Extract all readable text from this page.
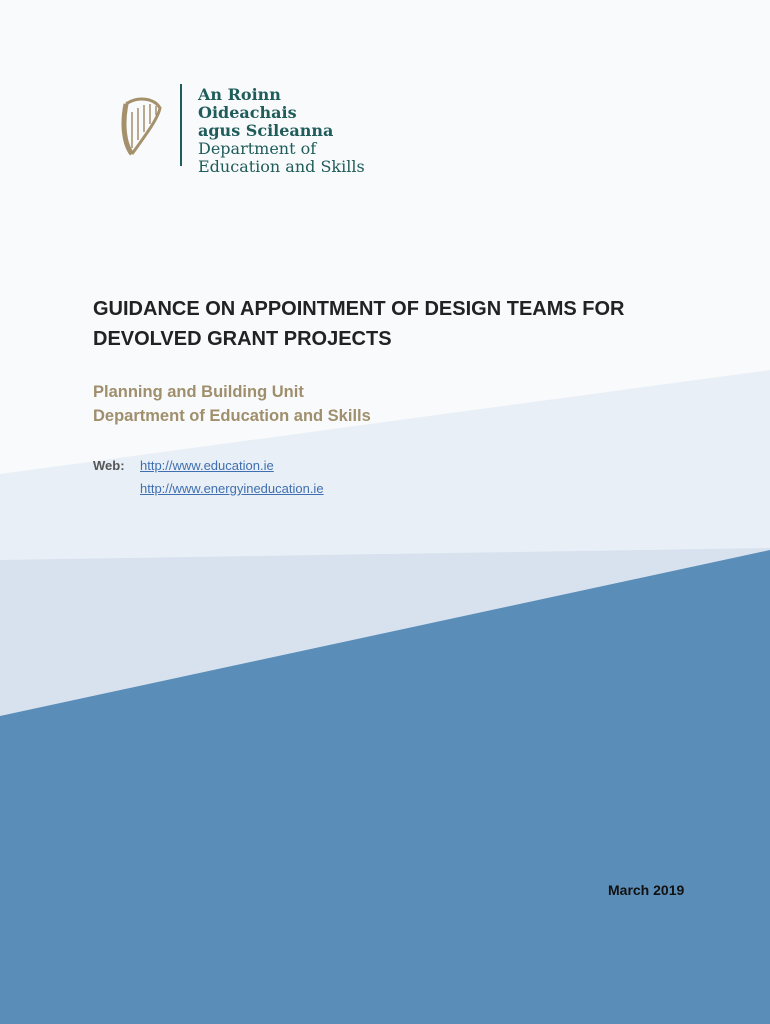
An Roinn Oideachais
agus Scileanna
Department of
Education and Skills
GUIDANCE ON APPOINTMENT OF DESIGN TEAMS FOR
DEVOLVED GRANT PROJECTS
Planning and Building Unit
Department of Education and Skills
Web: http://www.education.ie
http://www.energyineducation.ie
March 2019
